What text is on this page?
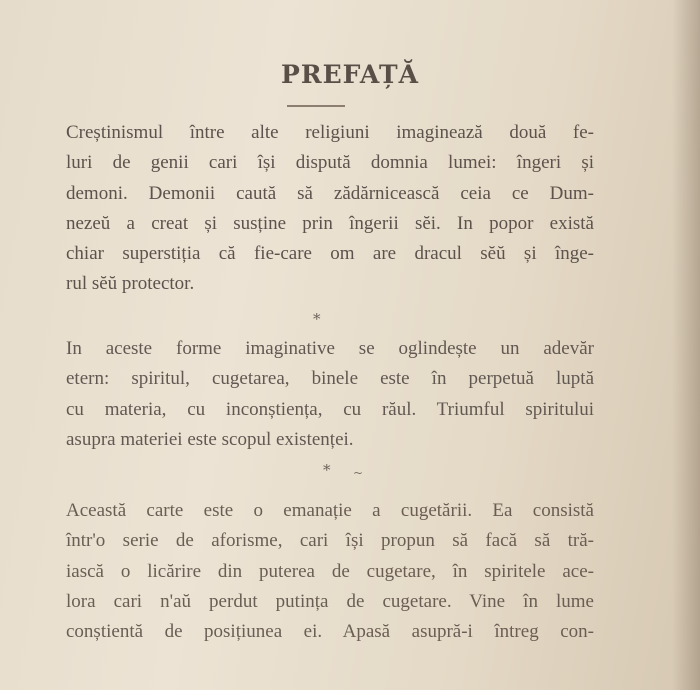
PREFAȚĂ

Creștinismul între alte religiuni imaginează două fe-
luri de genii cari își dispută domnia lumei: îngeri și
demoni. Demonii caută să zădărnicească ceia ce Dum-
nezeŭ a creat și susține prin îngerii sĕi. In popor există
chiar superstiția că fie-care om are dracul sĕŭ și înge-
rul sĕŭ protector.

*

In aceste forme imaginative se oglindește un adevăr
etern: spiritul, cugetarea, binele este în perpetuă luptă
cu materia, cu inconștiența, cu răul. Triumful spiritului
asupra materiei este scopul existenței.

* ~

Această carte este o emanație a cugetării. Ea consistă
într'o serie de aforisme, cari își propun să facă să tră-
iască o licărire din puterea de cugetare, în spiritele ace-
lora cari n'aŭ perdut putința de cugetare. Vine în lume
conștientă de posițiunea ei. Apasă asupră-i întreg con-
